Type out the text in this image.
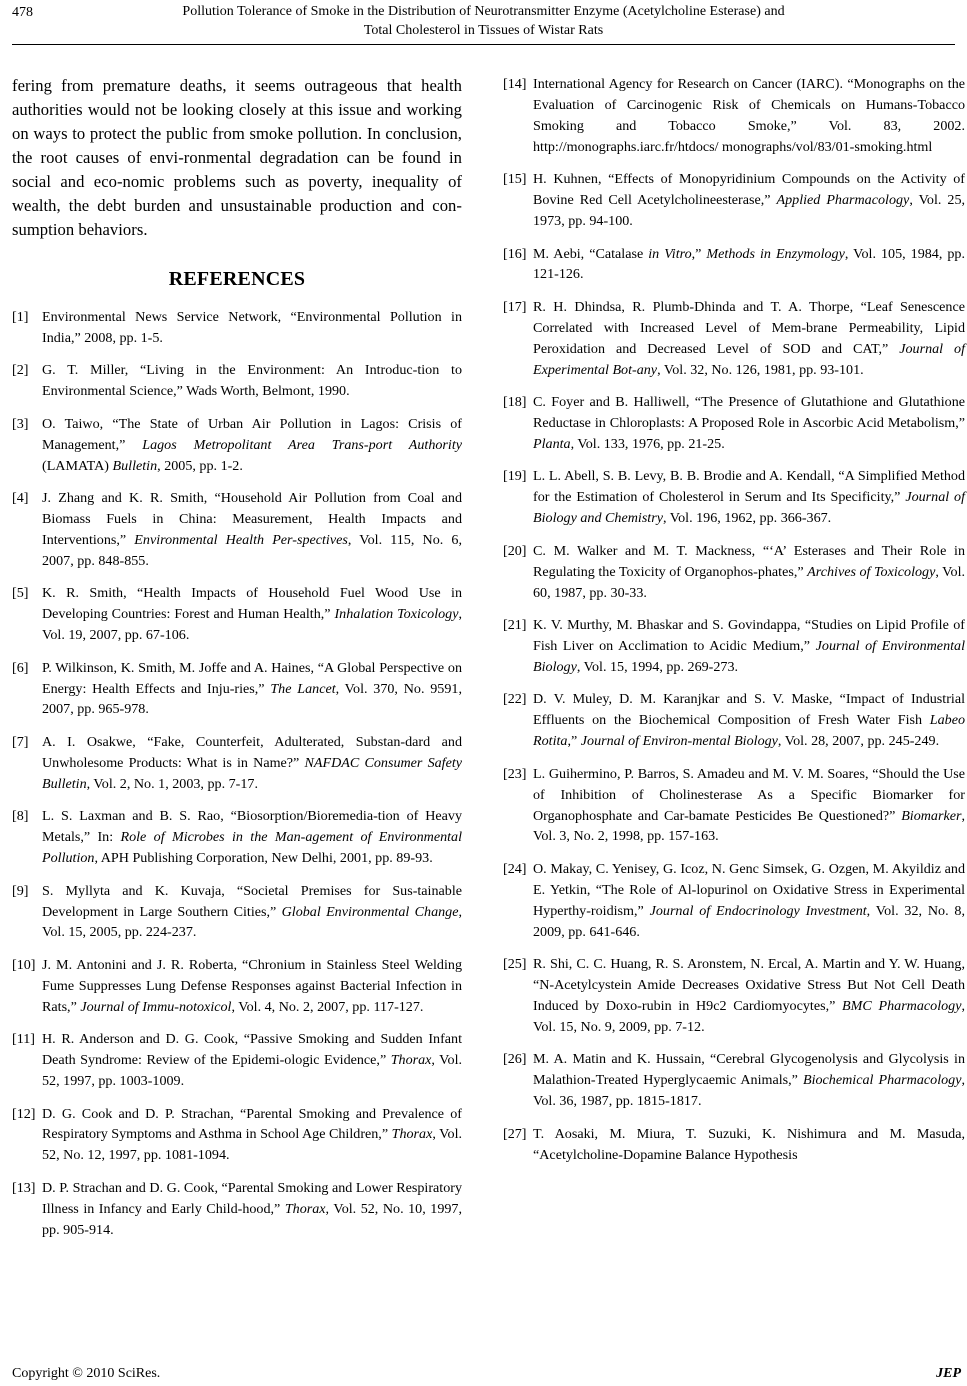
478	Pollution Tolerance of Smoke in the Distribution of Neurotransmitter Enzyme (Acetylcholine Esterase) and
Total Cholesterol in Tissues of Wistar Rats

fering from premature deaths, it seems outrageous that health authorities would not be looking closely at this issue and working on ways to protect the public from smoke pollution. In conclusion, the root causes of envi-ronmental degradation can be found in social and eco-nomic problems such as poverty, inequality of wealth, the debt burden and unsustainable production and con-sumption behaviors.

REFERENCES
[1] Environmental News Service Network, “Environmental Pollution in India,” 2008, pp. 1-5.
[2] G. T. Miller, “Living in the Environment: An Introduc-tion to Environmental Science,” Wads Worth, Belmont, 1990.
[3] O. Taiwo, “The State of Urban Air Pollution in Lagos: Crisis of Management,” Lagos Metropolitant Area Trans-port Authority (LAMATA) Bulletin, 2005, pp. 1-2.
[4] J. Zhang and K. R. Smith, “Household Air Pollution from Coal and Biomass Fuels in China: Measurement, Health Impacts and Interventions,” Environmental Health Per-spectives, Vol. 115, No. 6, 2007, pp. 848-855.
[5] K. R. Smith, “Health Impacts of Household Fuel Wood Use in Developing Countries: Forest and Human Health,” Inhalation Toxicology, Vol. 19, 2007, pp. 67-106.
[6] P. Wilkinson, K. Smith, M. Joffe and A. Haines, “A Global Perspective on Energy: Health Effects and Inju-ries,” The Lancet, Vol. 370, No. 9591, 2007, pp. 965-978.
[7] A. I. Osakwe, “Fake, Counterfeit, Adulterated, Substan-dard and Unwholesome Products: What is in Name?” NAFDAC Consumer Safety Bulletin, Vol. 2, No. 1, 2003, pp. 7-17.
[8] L. S. Laxman and B. S. Rao, “Biosorption/Bioremedia-tion of Heavy Metals,” In: Role of Microbes in the Man-agement of Environmental Pollution, APH Publishing Corporation, New Delhi, 2001, pp. 89-93.
[9] S. Myllyta and K. Kuvaja, “Societal Premises for Sus-tainable Development in Large Southern Cities,” Global Environmental Change, Vol. 15, 2005, pp. 224-237.
[10] J. M. Antonini and J. R. Roberta, “Chronium in Stainless Steel Welding Fume Suppresses Lung Defense Responses against Bacterial Infection in Rats,” Journal of Immu-notoxicol, Vol. 4, No. 2, 2007, pp. 117-127.
[11] H. R. Anderson and D. G. Cook, “Passive Smoking and Sudden Infant Death Syndrome: Review of the Epidemi-ologic Evidence,” Thorax, Vol. 52, 1997, pp. 1003-1009.
[12] D. G. Cook and D. P. Strachan, “Parental Smoking and Prevalence of Respiratory Symptoms and Asthma in School Age Children,” Thorax, Vol. 52, No. 12, 1997, pp. 1081-1094.
[13] D. P. Strachan and D. G. Cook, “Parental Smoking and Lower Respiratory Illness in Infancy and Early Child-hood,” Thorax, Vol. 52, No. 10, 1997, pp. 905-914.
[14] International Agency for Research on Cancer (IARC). “Monographs on the Evaluation of Carcinogenic Risk of Chemicals on Humans-Tobacco Smoking and Tobacco Smoke,” Vol. 83, 2002. http://monographs.iarc.fr/htdocs/ monographs/vol/83/01-smoking.html
[15] H. Kuhnen, “Effects of Monopyridinium Compounds on the Activity of Bovine Red Cell Acetylcholineesterase,” Applied Pharmacology, Vol. 25, 1973, pp. 94-100.
[16] M. Aebi, “Catalase in Vitro,” Methods in Enzymology, Vol. 105, 1984, pp. 121-126.
[17] R. H. Dhindsa, R. Plumb-Dhinda and T. A. Thorpe, “Leaf Senescence Correlated with Increased Level of Mem-brane Permeability, Lipid Peroxidation and Decreased Level of SOD and CAT,” Journal of Experimental Bot-any, Vol. 32, No. 126, 1981, pp. 93-101.
[18] C. Foyer and B. Halliwell, “The Presence of Glutathione and Glutathione Reductase in Chloroplasts: A Proposed Role in Ascorbic Acid Metabolism,” Planta, Vol. 133, 1976, pp. 21-25.
[19] L. L. Abell, S. B. Levy, B. B. Brodie and A. Kendall, “A Simplified Method for the Estimation of Cholesterol in Serum and Its Specificity,” Journal of Biology and Chemistry, Vol. 196, 1962, pp. 366-367.
[20] C. M. Walker and M. T. Mackness, “‘A’ Esterases and Their Role in Regulating the Toxicity of Organophos-phates,” Archives of Toxicology, Vol. 60, 1987, pp. 30-33.
[21] K. V. Murthy, M. Bhaskar and S. Govindappa, “Studies on Lipid Profile of Fish Liver on Acclimation to Acidic Medium,” Journal of Environmental Biology, Vol. 15, 1994, pp. 269-273.
[22] D. V. Muley, D. M. Karanjkar and S. V. Maske, “Impact of Industrial Effluents on the Biochemical Composition of Fresh Water Fish Labeo Rotita,” Journal of Environ-mental Biology, Vol. 28, 2007, pp. 245-249.
[23] L. Guihermino, P. Barros, S. Amadeu and M. V. M. Soares, “Should the Use of Inhibition of Cholinesterase As a Specific Biomarker for Organophosphate and Car-bamate Pesticides Be Questioned?” Biomarker, Vol. 3, No. 2, 1998, pp. 157-163.
[24] O. Makay, C. Yenisey, G. Icoz, N. Genc Simsek, G. Ozgen, M. Akyildiz and E. Yetkin, “The Role of Al-lopurinol on Oxidative Stress in Experimental Hyperthy-roidism,” Journal of Endocrinology Investment, Vol. 32, No. 8, 2009, pp. 641-646.
[25] R. Shi, C. C. Huang, R. S. Aronstem, N. Ercal, A. Martin and Y. W. Huang, “N-Acetylcystein Amide Decreases Oxidative Stress But Not Cell Death Induced by Doxo-rubin in H9c2 Cardiomyocytes,” BMC Pharmacology, Vol. 15, No. 9, 2009, pp. 7-12.
[26] M. A. Matin and K. Hussain, “Cerebral Glycogenolysis and Glycolysis in Malathion-Treated Hyperglycaemic Animals,” Biochemical Pharmacology, Vol. 36, 1987, pp. 1815-1817.
[27] T. Aosaki, M. Miura, T. Suzuki, K. Nishimura and M. Masuda, “Acetylcholine-Dopamine Balance Hypothesis
Copyright © 2010 SciRes.	JEP
